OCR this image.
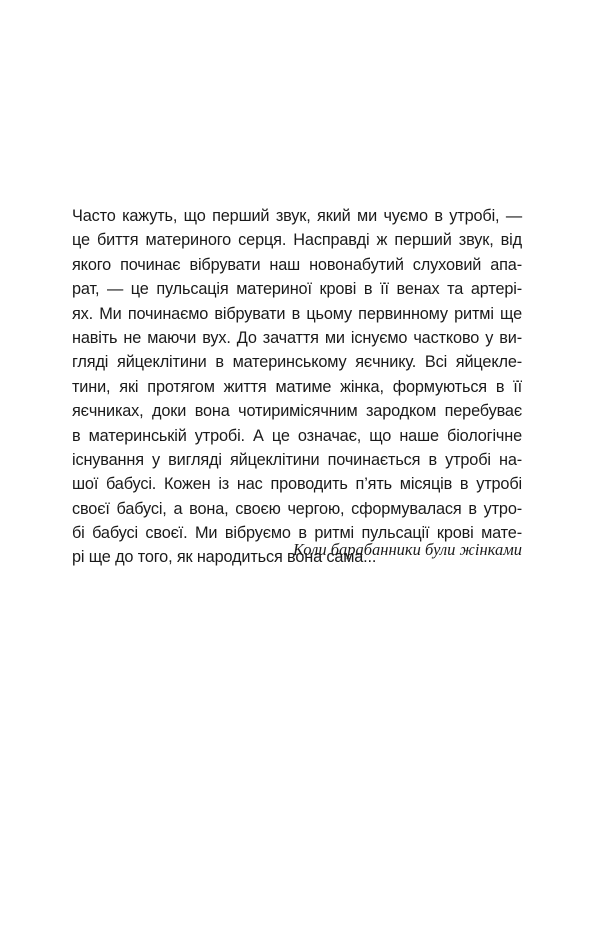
Часто кажуть, що перший звук, який ми чуємо в утробі, —
це биття материного серця. Насправді ж перший звук, від
якого починає вібрувати наш новонабутий слуховий апа-
рат, — це пульсація материної крові в її венах та артері-
ях. Ми починаємо вібрувати в цьому первинному ритмі ще
навіть не маючи вух. До зачаття ми існуємо частково у ви-
гляді яйцеклітини в материнському яєчнику. Всі яйцекле-
тини, які протягом життя матиме жінка, формуються в її
яєчниках, доки вона чотиримісячним зародком перебуває
в материнській утробі. А це означає, що наше біологічне
існування у вигляді яйцеклітини починається в утробі на-
шої бабусі. Кожен із нас проводить п’ять місяців в утробі
своєї бабусі, а вона, своєю чергою, сформувалася в утро-
бі бабусі своєї. Ми вібруємо в ритмі пульсації крові мате-
рі ще до того, як народиться вона сама...
Коли барабанники були жінками
